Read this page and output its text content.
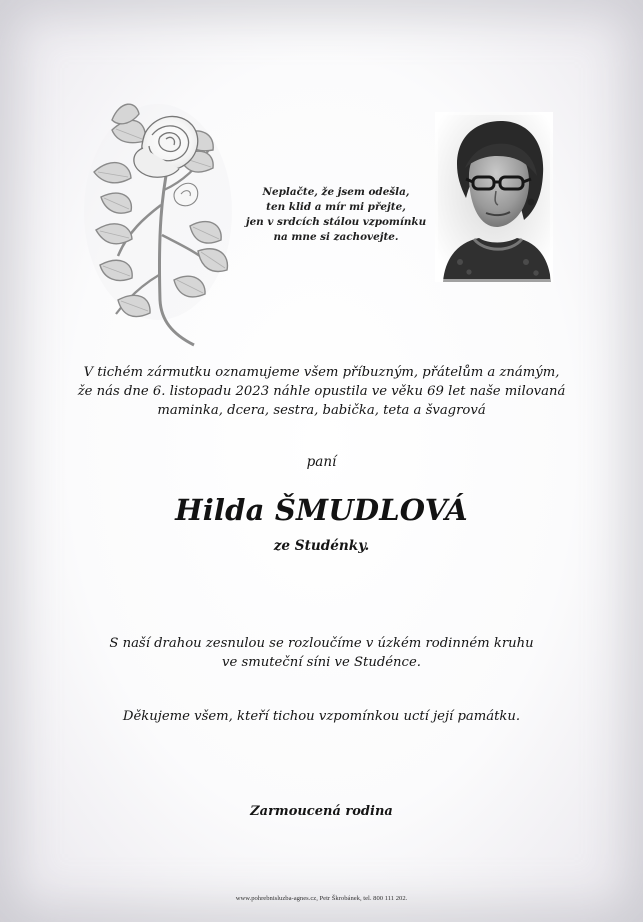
Neplačte, že jsem odešla,
ten klid a mír mi přejte,
jen v srdcích stálou vzpomínku
na mne si zachovejte.
V tichém zármutku oznamujeme všem příbuzným, přátelům a známým,
že nás dne 6. listopadu 2023 náhle opustila ve věku 69 let naše milovaná
maminka, dcera, sestra, babička, teta a švagrová
paní
Hilda ŠMUDLOVÁ
ze Studénky.
S naší drahou zesnulou se rozloučíme v úzkém rodinném kruhu
ve smuteční síni ve Studénce.
Děkujeme všem, kteří tichou vzpomínkou uctí její památku.
Zarmoucená rodina
www.pohrebnisluzba-agnes.cz, Petr Škrobánek, tel. 800 111 202.
